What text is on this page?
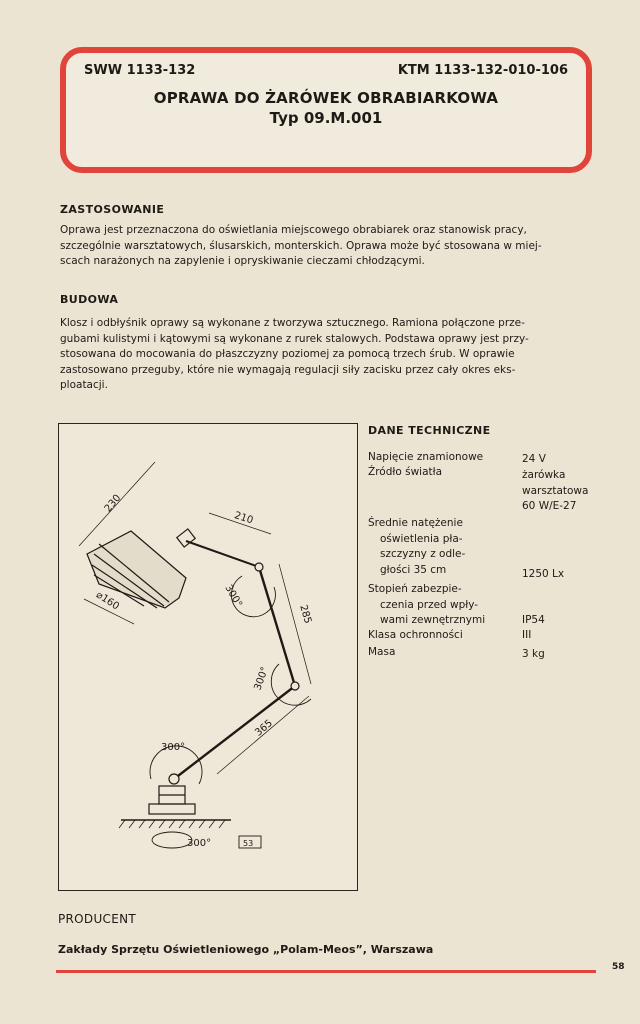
SWW 1133-132	KTM 1133-132-010-106
OPRAWA DO ŻARÓWEK OBRABIARKOWA
Typ 09.M.001
ZASTOSOWANIE
Oprawa jest przeznaczona do oświetlania miejscowego obrabiarek oraz stanowisk pracy,
szczególnie warsztatowych, ślusarskich, monterskich. Oprawa może być stosowana w miej-
scach narażonych na zapylenie i opryskiwanie cieczami chłodzącymi.
BUDOWA
Klosz i odbłyśnik oprawy są wykonane z tworzywa sztucznego. Ramiona połączone prze-
gubami kulistymi i kątowymi są wykonane z rurek stalowych. Podstawa oprawy jest przy-
stosowana do mocowania do płaszczyzny poziomej za pomocą trzech śrub. W oprawie
zastosowano przeguby, które nie wymagają regulacji siły zacisku przez cały okres eks-
ploatacji.
230
⌀160
210
285
365
300°
300°
300°
300°	53
DANE TECHNICZNE
Napięcie znamionowe	24 V
Źródło światła	żarówka
warsztatowa
60 W/E-27
Średnie natężenie
oświetlenia pła-
szczyzny z odle-
głości 35 cm	1250 Lx
Stopień zabezpie-
czenia przed wpły-
wami zewnętrznymi	IP54
Klasa ochronności	III
Masa	3 kg
PRODUCENT
Zakłady Sprzętu Oświetleniowego „Polam-Meos”, Warszawa
58
